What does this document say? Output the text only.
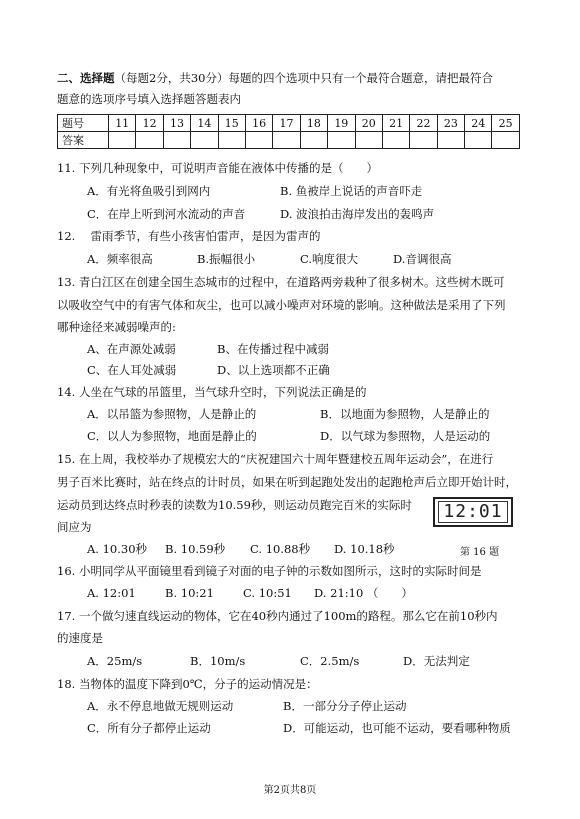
二、选择题（每题2分，共30分）每题的四个选项中只有一个最符合题意，请把最符合
题意的选项序号填入选择题答题表内
题号	11	12	13	14	15	16	17	18	19	20	21	22	23	24	25
答案															
11. 下列几种现象中，可说明声音能在液体中传播的是（　　）
A．有光将鱼吸引到网内	B. 鱼被岸上说话的声音吓走
C．在岸上听到河水流动的声音	D. 波浪拍击海岸发出的轰鸣声
12.　 雷雨季节，有些小孩害怕雷声，是因为雷声的
A．频率很高	B.振幅很小	C.响度很大	D.音调很高
13. 青白江区在创建全国生态城市的过程中，在道路两旁栽种了很多树木。这些树木既可
以吸收空气中的有害气体和灰尘，也可以减小噪声对环境的影响。这种做法是采用了下列
哪种途径来减弱噪声的:
A、在声源处减弱	B、在传播过程中减弱
C、在人耳处减弱	D、以上选项都不正确
14. 人坐在气球的吊篮里，当气球升空时，下列说法正确是的
A．以吊篮为参照物，人是静止的	B．以地面为参照物，人是静止的
C．以人为参照物，地面是静止的	D．以气球为参照物，人是运动的
15. 在上周，我校举办了规模宏大的“庆祝建国六十周年暨建校五周年运动会”，在进行
男子百米比赛时，站在终点的计时员，如果在听到起跑处发出的起跑枪声后立即开始计时，
运动员到达终点时秒表的读数为10.59秒，则运动员跑完百米的实际时
间应为
A. 10.30秒 B. 10.59秒 C. 10.88秒 D. 10.18秒
12:01
第 16 题
16. 小明同学从平面镜里看到镜子对面的电子钟的示数如图所示，这时的实际时间是
A. 12:01	B. 10:21	C. 10:51 D. 21:10 （　　）
17. 一个做匀速直线运动的物体，它在40秒内通过了100m的路程。那么它在前10秒内
的速度是
A．25m/s	B．10m/s	C．2.5m/s	D．无法判定
18. 当物体的温度下降到0℃，分子的运动情况是：
A．永不停息地做无规则运动	B．一部分分子停止运动
C．所有分子都停止运动	D．可能运动，也可能不运动，要看哪种物质
第2页共8页
